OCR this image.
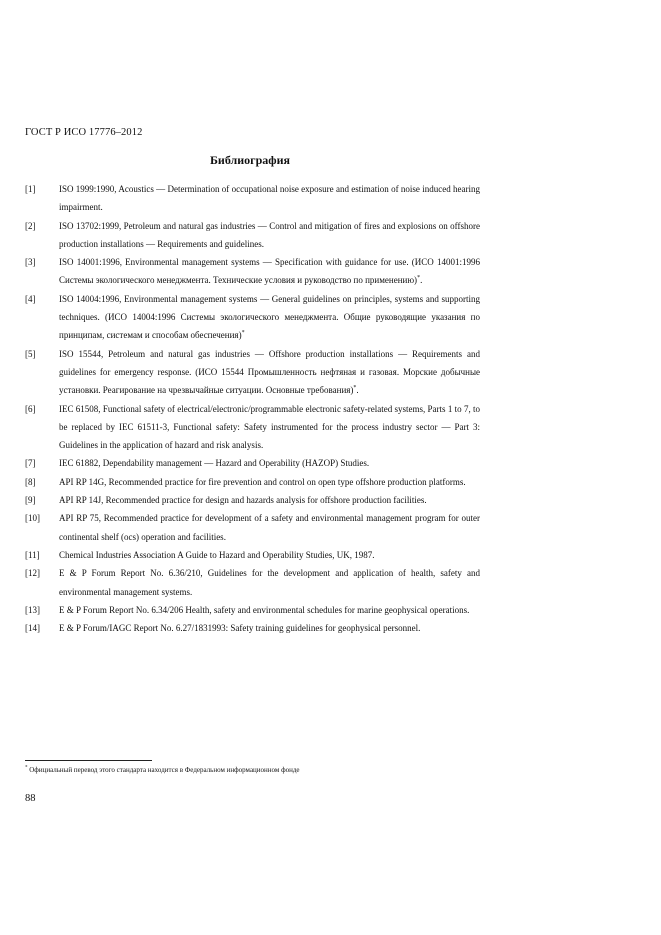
ГОСТ Р ИСО 17776–2012
Библиография
[1]	ISO 1999:1990, Acoustics — Determination of occupational noise exposure and estimation of noise induced hearing impairment.
[2]	ISO 13702:1999, Petroleum and natural gas industries — Control and mitigation of fires and explosions on offshore production installations — Requirements and guidelines.
[3]	ISO 14001:1996, Environmental management systems — Specification with guidance for use. (ИСО 14001:1996 Системы экологического менеджмента. Технические условия и руководство по применению)*.
[4]	ISO 14004:1996, Environmental management systems — General guidelines on principles, systems and supporting techniques. (ИСО 14004:1996 Системы экологического менеджмента. Общие руководящие указания по принципам, системам и способам обеспечения)*
[5]	ISO 15544, Petroleum and natural gas industries — Offshore production installations — Requirements and guidelines for emergency response. (ИСО 15544 Промышленность нефтяная и газовая. Морские добычные установки. Реагирование на чрезвычайные ситуации. Основные требования)*.
[6]	IEC 61508, Functional safety of electrical/electronic/programmable electronic safety-related systems, Parts 1 to 7, to be replaced by IEC 61511-3, Functional safety: Safety instrumented for the process industry sector — Part 3: Guidelines in the application of hazard and risk analysis.
[7]	IEC 61882, Dependability management — Hazard and Operability (HAZOP) Studies.
[8]	API RP 14G, Recommended practice for fire prevention and control on open type offshore production platforms.
[9]	API RP 14J, Recommended practice for design and hazards analysis for offshore production facilities.
[10]	API RP 75, Recommended practice for development of a safety and environmental management program for outer continental shelf (ocs) operation and facilities.
[11]	Chemical Industries Association A Guide to Hazard and Operability Studies, UK, 1987.
[12]	E & P Forum Report No. 6.36/210, Guidelines for the development and application of health, safety and environmental management systems.
[13]	E & P Forum Report No. 6.34/206 Health, safety and environmental schedules for marine geophysical operations.
[14]	E & P Forum/IAGC Report No. 6.27/1831993: Safety training guidelines for geophysical personnel.
* Официальный перевод этого стандарта находится в Федеральном информационном фонде
88
